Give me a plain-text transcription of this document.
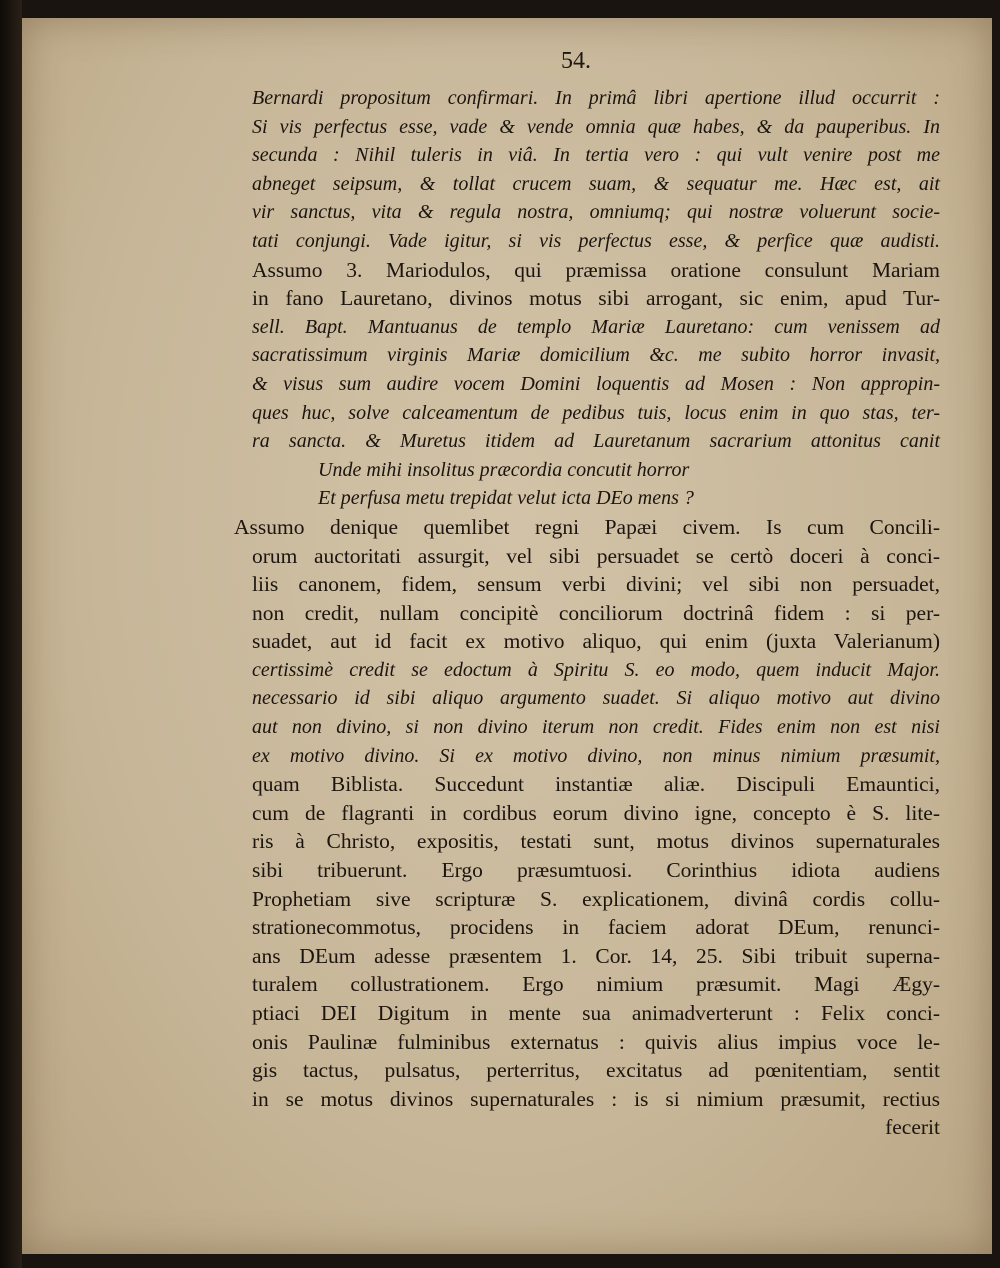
54.
Bernardi propositum confirmari. In primâ libri apertione illud occurrit :
Si vis perfectus esse, vade & vende omnia quæ habes, & da pauperibus. In
secunda : Nihil tuleris in viâ. In tertia vero : qui vult venire post me
abneget seipsum, & tollat crucem suam, & sequatur me. Hæc est, ait
vir sanctus, vita & regula nostra, omniumq; qui nostræ voluerunt socie-
tati conjungi. Vade igitur, si vis perfectus esse, & perfice quæ audisti.
Assumo 3. Mariodulos, qui præmissa oratione consulunt Mariam
in fano Lauretano, divinos motus sibi arrogant, sic enim, apud Tur-
sell. Bapt. Mantuanus de templo Mariæ Lauretano: cum venissem ad
sacratissimum virginis Mariæ domicilium &c. me subito horror invasit,
& visus sum audire vocem Domini loquentis ad Mosen : Non appropin-
ques huc, solve calceamentum de pedibus tuis, locus enim in quo stas, ter-
ra sancta. & Muretus itidem ad Lauretanum sacrarium attonitus canit
Unde mihi insolitus præcordia concutit horror
Et perfusa metu trepidat velut icta DEo mens ?
Assumo denique quemlibet regni Papæi civem. Is cum Concili-
orum auctoritati assurgit, vel sibi persuadet se certò doceri à conci-
liis canonem, fidem, sensum verbi divini; vel sibi non persuadet,
non credit, nullam concipitè conciliorum doctrinâ fidem : si per-
suadet, aut id facit ex motivo aliquo, qui enim (juxta Valerianum)
certissimè credit se edoctum à Spiritu S. eo modo, quem inducit Major.
necessario id sibi aliquo argumento suadet. Si aliquo motivo aut divino
aut non divino, si non divino iterum non credit. Fides enim non est nisi
ex motivo divino. Si ex motivo divino, non minus nimium præsumit,
quam Biblista. Succedunt instantiæ aliæ. Discipuli Emauntici,
cum de flagranti in cordibus eorum divino igne, concepto è S. lite-
ris à Christo, expositis, testati sunt, motus divinos supernaturales
sibi tribuerunt. Ergo præsumtuosi. Corinthius idiota audiens
Prophetiam sive scripturæ S. explicationem, divinâ cordis collu-
strationecommotus, procidens in faciem adorat DEum, renunci-
ans DEum adesse præsentem 1. Cor. 14, 25. Sibi tribuit superna-
turalem collustrationem. Ergo nimium præsumit. Magi Ægy-
ptiaci DEI Digitum in mente sua animadverterunt : Felix conci-
onis Paulinæ fulminibus externatus : quivis alius impius voce le-
gis tactus, pulsatus, perterritus, excitatus ad pœnitentiam, sentit
in se motus divinos supernaturales : is si nimium præsumit, rectius
fecerit
